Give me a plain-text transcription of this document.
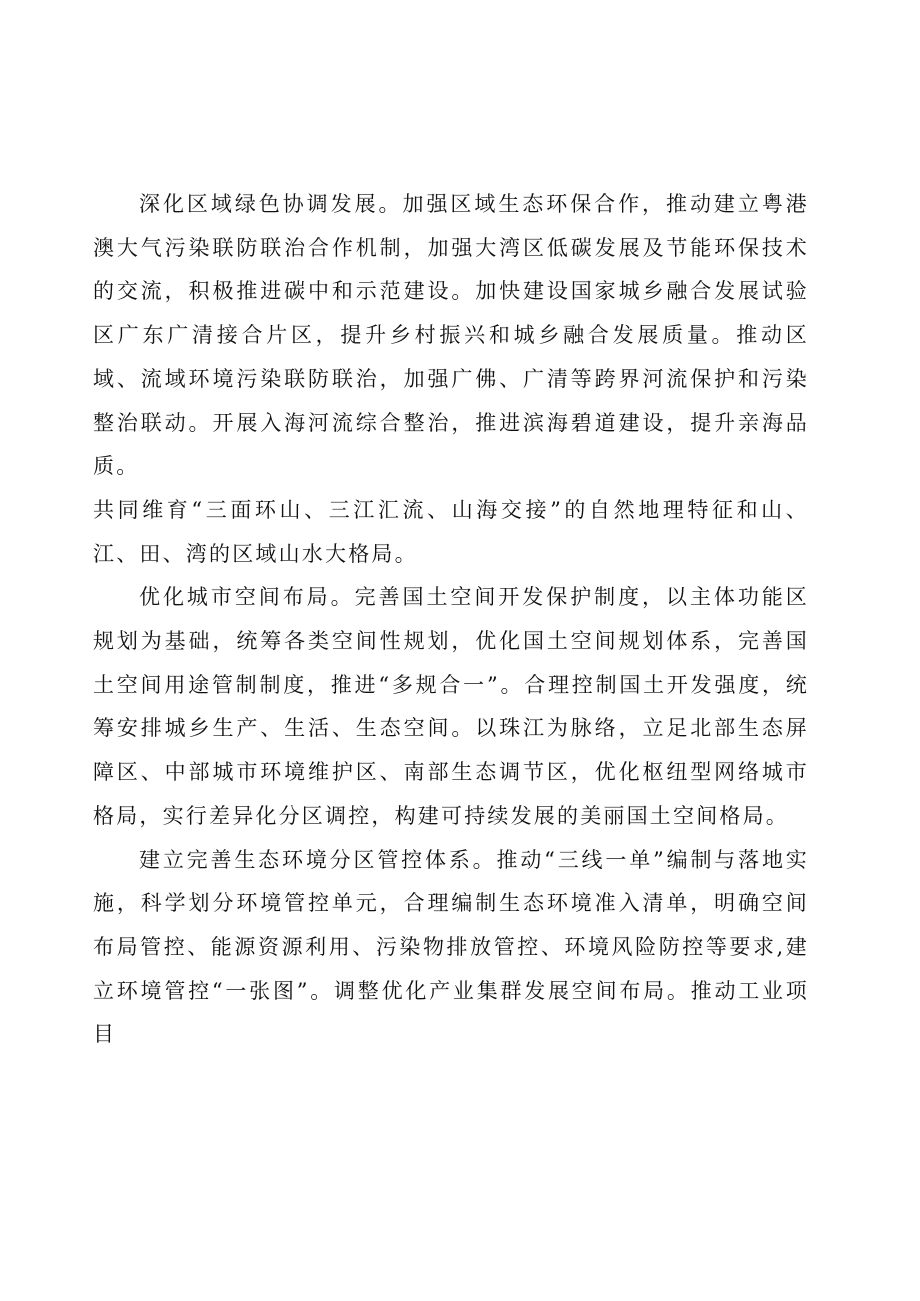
深化区域绿色协调发展。加强区域生态环保合作，推动建立粤港澳大气污染联防联治合作机制，加强大湾区低碳发展及节能环保技术的交流，积极推进碳中和示范建设。加快建设国家城乡融合发展试验区广东广清接合片区，提升乡村振兴和城乡融合发展质量。推动区域、流域环境污染联防联治，加强广佛、广清等跨界河流保护和污染整治联动。开展入海河流综合整治，推进滨海碧道建设，提升亲海品质。

共同维育“三面环山、三江汇流、山海交接”的自然地理特征和山、江、田、湾的区域山水大格局。

优化城市空间布局。完善国土空间开发保护制度，以主体功能区规划为基础，统筹各类空间性规划，优化国土空间规划体系，完善国土空间用途管制制度，推进“多规合一”。合理控制国土开发强度，统筹安排城乡生产、生活、生态空间。以珠江为脉络，立足北部生态屏障区、中部城市环境维护区、南部生态调节区，优化枢纽型网络城市格局，实行差异化分区调控，构建可持续发展的美丽国土空间格局。

建立完善生态环境分区管控体系。推动“三线一单”编制与落地实施，科学划分环境管控单元，合理编制生态环境准入清单，明确空间布局管控、能源资源利用、污染物排放管控、环境风险防控等要求,建立环境管控“一张图”。调整优化产业集群发展空间布局。推动工业项目
